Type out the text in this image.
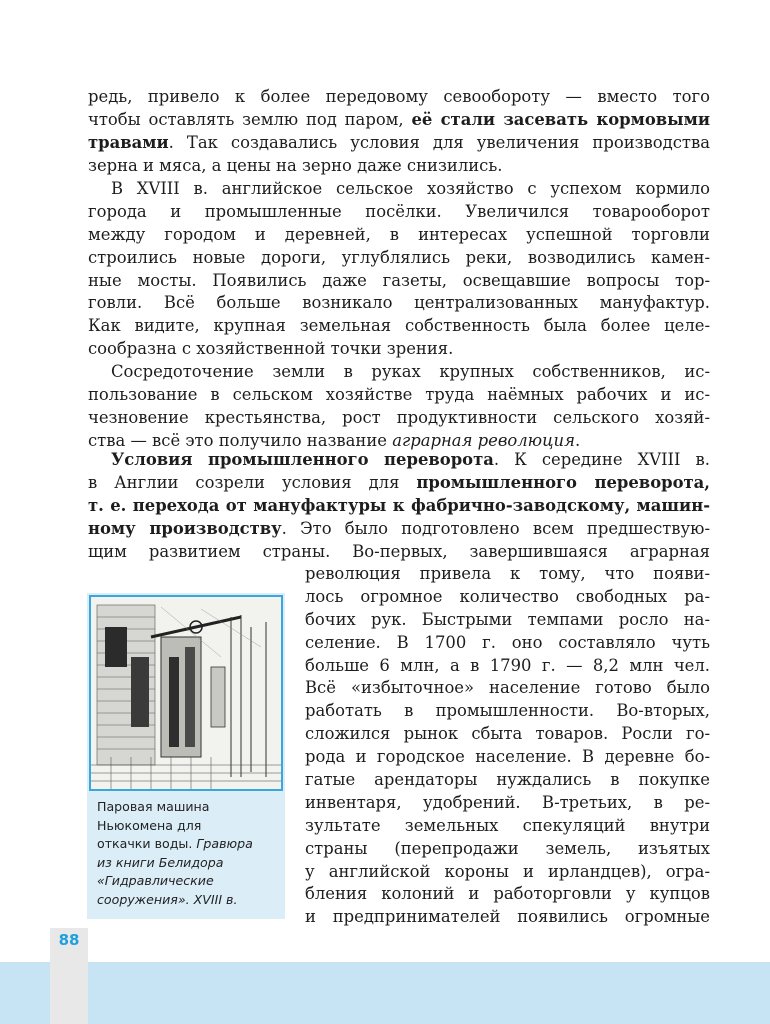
редь, привело к более передовому севообороту — вместо того
чтобы оставлять землю под паром, её стали засевать кормовыми
травами. Так создавались условия для увеличения производства
зерна и мяса, а цены на зерно даже снизились.
В XVIII в. английское сельское хозяйство с успехом кормило
города и промышленные посёлки. Увеличился товарооборот
между городом и деревней, в интересах успешной торговли
строились новые дороги, углублялись реки, возводились камен-
ные мосты. Появились даже газеты, освещавшие вопросы тор-
говли. Всё больше возникало централизованных мануфактур.
Как видите, крупная земельная собственность была более целе-
сообразна с хозяйственной точки зрения.
Сосредоточение земли в руках крупных собственников, ис-
пользование в сельском хозяйстве труда наёмных рабочих и ис-
чезновение крестьянства, рост продуктивности сельского хозяй-
ства — всё это получило название аграрная революция.
Условия промышленного переворота. К середине XVIII в.
в Англии созрели условия для промышленного переворота,
т. е. перехода от мануфактуры к фабрично-заводскому, машин-
ному производству. Это было подготовлено всем предшествую-
щим развитием страны. Во-первых, завершившаяся аграрная
революция привела к тому, что появи-
лось огромное количество свободных ра-
бочих рук. Быстрыми темпами росло на-
селение. В 1700 г. оно составляло чуть
больше 6 млн, а в 1790 г. — 8,2 млн чел.
Всё «избыточное» население готово было
работать в промышленности. Во-вторых,
сложился рынок сбыта товаров. Росли го-
рода и городское население. В деревне бо-
гатые арендаторы нуждались в покупке
инвентаря, удобрений. В-третьих, в ре-
зультате земельных спекуляций внутри
страны (перепродажи земель, изъятых
у английской короны и ирландцев), огра-
бления колоний и работорговли у купцов
и предпринимателей появились огромные
Паровая машина
Ньюкомена для
откачки воды. Гравюра
из книги Белидора
«Гидравлические
сооружения». XVIII в.
88
